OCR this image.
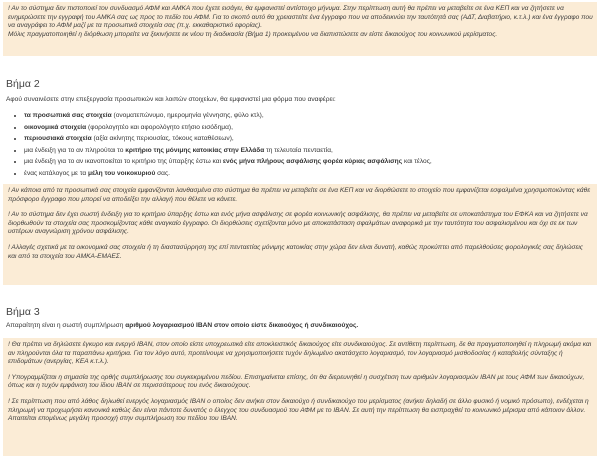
! Αν το σύστημα δεν πιστοποιεί τον συνδυασμό ΑΦΜ και ΑΜΚΑ που έχετε εισάγει, θα εμφανιστεί αντίστοιχο μήνυμα. Στην περίπτωση αυτή θα πρέπει να μεταβείτε σε ένα ΚΕΠ και να ζητήσετε να ενημερώσετε την εγγραφή του ΑΜΚΑ σας ως προς το πεδίο του ΑΦΜ. Για το σκοπό αυτό θα χρειαστείτε ένα έγγραφο που να αποδεικνύει την ταυτότητά σας (ΑΔΤ, Διαβατήριο, κ.τ.λ.) και ένα έγγραφο που να αναγράφει το ΑΦΜ μαζί με τα προσωπικά στοιχεία σας (π.χ. εκκαθαριστικό εφορίας).

Μόλις πραγματοποιηθεί η διόρθωση μπορείτε να ξεκινήσετε εκ νέου τη διαδικασία (Βήμα 1) προκειμένου να διαπιστώσετε αν είστε δικαιούχος του κοινωνικού μερίσματος.

Βήμα 2
Αφού συναινέσετε στην επεξεργασία προσωπικών και λοιπών στοιχείων, θα εμφανιστεί μια φόρμα που αναφέρει:
• τα προσωπικά σας στοιχεία (ονοματεπώνυμο, ημερομηνία γέννησης, φύλο κτλ),
• οικονομικά στοιχεία (φορολογητέο και αφορολόγητο ετήσιο εισόδημα),
• περιουσιακά στοιχεία (αξία ακίνητης περιουσίας, τόκους καταθέσεων),
• μια ένδειξη για το αν πληρούται το κριτήριο της μόνιμης κατοικίας στην Ελλάδα τη τελευταία πενταετία,
• μια ένδειξη για το αν ικανοποιείται το κριτήριο της ύπαρξης έστω και ενός μήνα πλήρους ασφάλισης φορέα κύριας ασφάλισης και τέλος,
• ένας κατάλογος με τα μέλη του νοικοκυριού σας.

! Αν κάποια από τα προσωπικά σας στοιχεία εμφανίζονται λανθασμένα στο σύστημα θα πρέπει να μεταβείτε σε ένα ΚΕΠ και να διορθώσετε το στοιχείο που εμφανίζεται εσφαλμένα χρησιμοποιώντας κάθε πρόσφορο έγγραφο που μπορεί να αποδείξει την αλλαγή που θέλετε να κάνετε.

! Αν το σύστημα δεν έχει σωστή ένδειξη για το κριτήριο ύπαρξης έστω και ενός μήνα ασφάλισης σε φορέα κοινωνικής ασφάλισης, θα πρέπει να μεταβείτε σε υποκατάστημα του ΕΦΚΑ και να ζητήσετε να διορθωθούν τα στοιχεία σας προσκομίζοντας κάθε αναγκαίο έγγραφο. Οι διορθώσεις σχετίζονται μόνο με αποκατάσταση σφαλμάτων αναφορικά με την ταυτότητα του ασφαλισμένου και όχι σε εκ των υστέρων αναγνώριση χρόνου ασφάλισης.

! Αλλαγές σχετικά με τα οικονομικά σας στοιχεία ή τη διαστασύρρηση της επί πενταετίας μόνιμης κατοικίας στην χώρα δεν είναι δυνατή, καθώς προκύπτει από παρελθούσες φορολογικές σας δηλώσεις και από τα στοιχεία του ΑΜΚΑ-ΕΜΑΕΣ.

Βήμα 3
Απαραίτητη είναι η σωστή συμπλήρωση αριθμού λογαριασμού IBAN στον οποίο είστε δικαιούχος ή συνδικαιούχος.

! Θα πρέπει να δηλώσετε έγκυρο και ενεργό IBAN, στον οποίο είστε υποχρεωτικά είτε αποκλειστικός δικαιούχος είτε συνδικαιούχος. Σε αντίθετη περίπτωση, δε θα πραγματοποιηθεί η πληρωμή ακόμα και αν πληρούνται όλα τα παραπάνω κριτήρια. Για τον λόγο αυτό, προτείνουμε να χρησιμοποιήσετε τυχόν δηλωμένο ακατάσχετο λογαριασμό, τον λογαριασμό μισθοδοσίας ή καταβολής σύνταξης ή επιδομάτων (ανεργίας, ΚΕΑ κ.τ.λ.).

! Υπογραμμίζεται η σημασία της ορθής συμπλήρωσης του συγκεκριμένου πεδίου. Επισημαίνεται επίσης, ότι θα διερευνηθεί η συσχέτιση των αριθμών λογαριασμών IBAN με τους ΑΦΜ των δικαιούχων, όπως και η τυχόν εμφάνιση του ίδιου IBAN σε περισσότερους του ενός δικαιούχους.

! Σε περίπτωση που από λάθος δηλωθεί ενεργός λογαριασμός IBAN ο οποίος δεν ανήκει στον δικαιούχο ή συνδικαιούχο του μερίσματος (ανήκει δηλαδή σε άλλο φυσικό ή νομικό πρόσωπο), ενδέχεται η πληρωμή να προχωρήσει κανονικά καθώς δεν είναι πάντοτε δυνατός ο έλεγχος του συνδυασμού του ΑΦΜ με το IBAN. Σε αυτή την περίπτωση θα εισπραχθεί το κοινωνικό μέρισμα από κάποιον άλλον. Απαιτείται επομένως μεγάλη προσοχή στην συμπλήρωση του πεδίου του IBAN.
